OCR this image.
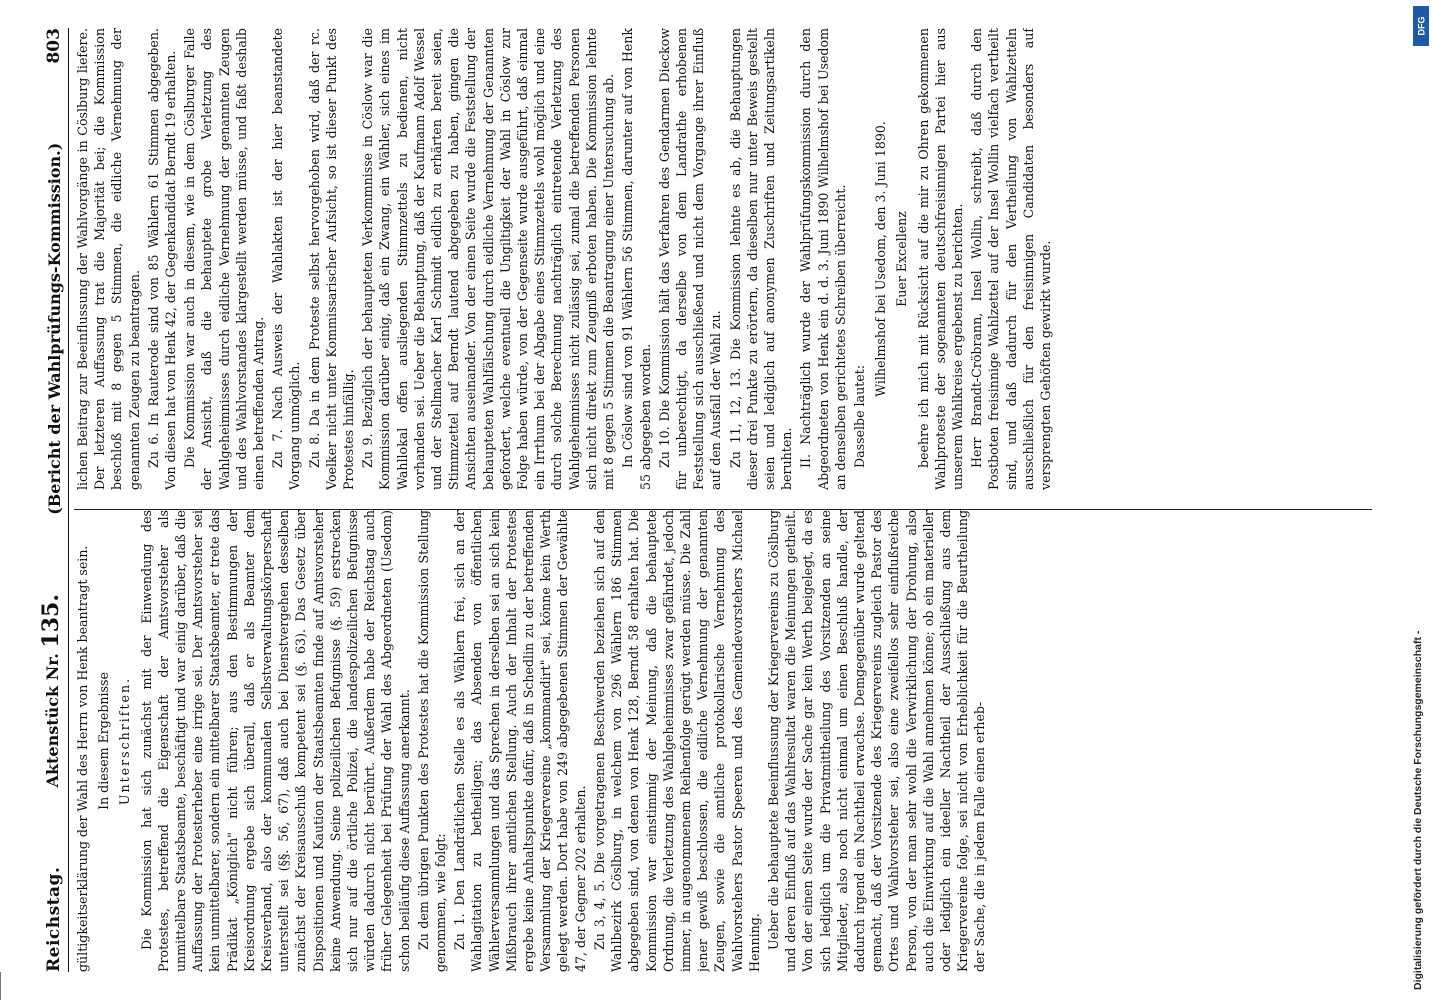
Reichstag.
Aktenstück Nr. 135.
(Bericht der Wahlprüfungs-Kommission.)
803

gültigkeitserklärung der Wahl des Herrn von Henk beantragt sein. In diesem Ergebnisse Unterschriften. Die Kommission hat sich zunächst mit der Einwendung des Protestes, betreffend die Eigenschaft der Amtsvorsteher als unmittelbare Staatsbeamte, beschäftigt und war einig darüber, daß die Auffassung der Protesterheber eine irrige sei. Der Amtsvorsteher sei kein unmittelbarer, sondern ein mittelbarer Staatsbeamter, er trete das Prädikat „Königlich" nicht führen; aus den Bestimmungen der Kreisordnung ergebe sich überall, daß er als Beamter dem Kreisverband, also der kommunalen Selbstverwaltungskörperschaft unterstellt sei (§§. 56, 67), daß auch bei Dienstvergehen desselben zunächst der Kreisausschuß kompetent sei (§. 63). Das Gesetz über Dispositionen und Kaution der Staatsbeamten finde auf Amtsvorsteher keine Anwendung. Seine polizeilichen Befugnisse (§. 59) erstrecken sich nur auf die örtliche Polizei, die landespolizeilichen Befugnisse würden dadurch nicht berührt. Außerdem habe der Reichstag auch früher Gelegenheit bei Prüfung der Wahl des Abgeordneten (Usedom) schon beiläufig diese Auffassung anerkannt. Zu dem übrigen Punkten des Protestes hat die Kommission Stellung genommen, wie folgt: Zu 1. Den Landrätlichen Stelle es als Wählern frei, sich an der Wahlagitation zu betheiligen; das Absenden von öffentlichen Wählerversammlungen und das Sprechen in derselben sei an sich kein Mißbrauch ihrer amtlichen Stellung. Auch der Inhalt der Protestes ergebe keine Anhaltspunkte dafür, daß in Schedlin zu der betreffenden Versammlung der Kriegervereine „kommandirt" sei, könne kein Werth gelegt werden. Dort habe von 249 abgegebenen Stimmen der Gewählte 47, der Gegner 202 erhalten. Zu 3, 4, 5. Die vorgetragenen Beschwerden beziehen sich auf den Wahlbezirk Cöslburg, in welchem von 296 Wählern 186 Stimmen abgegeben sind, von denen von Henk 128, Berndt 58 erhalten hat. Die Kommission war einstimmig der Meinung, daß die behauptete Ordnung, die Verletzung des Wahlgeheimnisses zwar gefährdet, jedoch immer, in augenommenem Reihenfolge gerügt werden müsse. Die Zahl jener gewiß beschlossen, die eidliche Vernehmung der genannten Zeugen, sowie die amtliche protokollarische Vernehmung des Wahlvorstehers Pastor Speeren und des Gemeindevorstehers Michael Henning. Ueber die behauptete Beeinflussung der Kriegervereins zu Cöslburg und deren Einfluß auf das Wahlresultat waren die Meinungen getheilt. Von der einen Seite wurde der Sache gar kein Werth beigelegt, da es sich lediglich um die Privatmittheilung des Vorsitzenden an seine Mitglieder, also noch nicht einmal um einen Beschluß handle, der dadurch irgend ein Nachtheil erwachse. Demgegenüber wurde geltend gemacht, daß der Vorsitzende des Kriegervereins zugleich Pastor des Ortes und Wahlvorsteher sei, also eine zweifellos sehr einflußreiche Person, von der man sehr wohl die Verwirklichung der Drohung, also auch die Einwirkung auf die Wahl annehmen könne; ob ein materieller oder lediglich ein ideeller Nachtheil der Ausschließung aus dem Kriegervereine folge, sei nicht von Erheblichkeit für die Beurtheilung der Sache, die in jedem Falle einen erheb-

lichen Beitrag zur Beeinflussung der Wahlvorgänge in Cöslburg liefere. Der letzteren Auffassung trat die Majorität bei; die Kommission beschloß mit 8 gegen 5 Stimmen, die eidliche Vernehmung der genannten Zeugen zu beantragen. Zu 6. In Rauterode sind von 85 Wählern 61 Stimmen abgegeben. Von diesen hat von Henk 42, der Gegenkandidat Berndt 19 erhalten. Die Kommission war auch in diesem, wie in dem Cöslburger Falle der Ansicht, daß die behauptete grobe Verletzung des Wahlgeheimnisses durch eidliche Vernehmung der genannten Zeugen und des Wahlvorstandes klargestellt werden müsse, und faßt deshalb einen betreffenden Antrag. Zu 7. Nach Ausweis der Wahlakten ist der hier beanstandete Vorgang unmöglich. Zu 8. Da in dem Proteste selbst hervorgehoben wird, daß der rc. Voelker nicht unter Kommissarischer Aufsicht, so ist dieser Punkt des Protestes hinfällig. Zu 9. Bezüglich der behaupteten Verkommnisse in Cöslow war die Kommission darüber einig, daß ein Zwang, ein Wähler, sich eines im Wahllokal offen ausliegenden Stimmzettels zu bedienen, nicht vorhanden sei. Ueber die Behauptung, daß der Kaufmann Adolf Wessel und der Stellmacher Karl Schmidt eidlich zu erhärten bereit seien, Stimmzettel auf Berndt lautend abgegeben zu haben, gingen die Ansichten auseinander. Von der einen Seite wurde die Feststellung der behaupteten Wahlfälschung durch eidliche Vernehmung der Genannten gefordert, welche eventuell die Ungiltigkeit der Wahl in Cöslow zur Folge haben würde, von der Gegenseite wurde ausgeführt, daß einmal ein Irrthum bei der Abgabe eines Stimmzettels wohl möglich und eine durch solche Berechnung nachträglich eintretende Verletzung des Wahlgeheimnisses nicht zulässig sei, zumal die betreffenden Personen sich nicht direkt zum Zeugniß erboten haben. Die Kommission lehnte mit 8 gegen 5 Stimmen die Beantragung einer Untersuchung ab. In Cöslow sind von 91 Wählern 56 Stimmen, darunter auf von Henk 55 abgegeben worden. Zu 10. Die Kommission hält das Verfahren des Gendarmen Dieckow für unberechtigt, da derselbe von dem Landrathe erhobenen Feststellung sich ausschließend und nicht dem Vorgange ihrer Einfluß auf den Ausfall der Wahl zu. Zu 11, 12, 13. Die Kommission lehnte es ab, die Behauptungen dieser drei Punkte zu erörtern, da dieselben nur unter Beweis gestellt seien und lediglich auf anonymen Zuschriften und Zeitungsartikeln beruhten. II. Nachträglich wurde der Wahlprüfungskommission durch den Abgeordneten von Henk ein d. d. 3. Juni 1890 Wilhelmshof bei Usedom an denselben gerichtetes Schreiben überreicht. Dasselbe lautet:

Wilhelmshof bei Usedom, den 3. Juni 1890. Euer Excellenz beehre ich mich mit Rücksicht auf die mir zu Ohren gekommenen Wahlproteste der sogenannten deutschfreisinnigen Partei hier aus unserem Wahlkreise ergebenst zu berichten. Herr Brandt-Cröbrann, Insel Wollin, schreibt, daß durch den Postboten freisinnige Wahlzettel auf der Insel Wollin vielfach vertheilt sind, und daß dadurch für den Vertheilung von Wahlzetteln ausschließlich für den freisinnigen Candidaten besonders auf versprengten Gehöften gewirkt wurde.

DFG
Digitalisierung gefördert durch die Deutsche Forschungsgemeinschaft -
